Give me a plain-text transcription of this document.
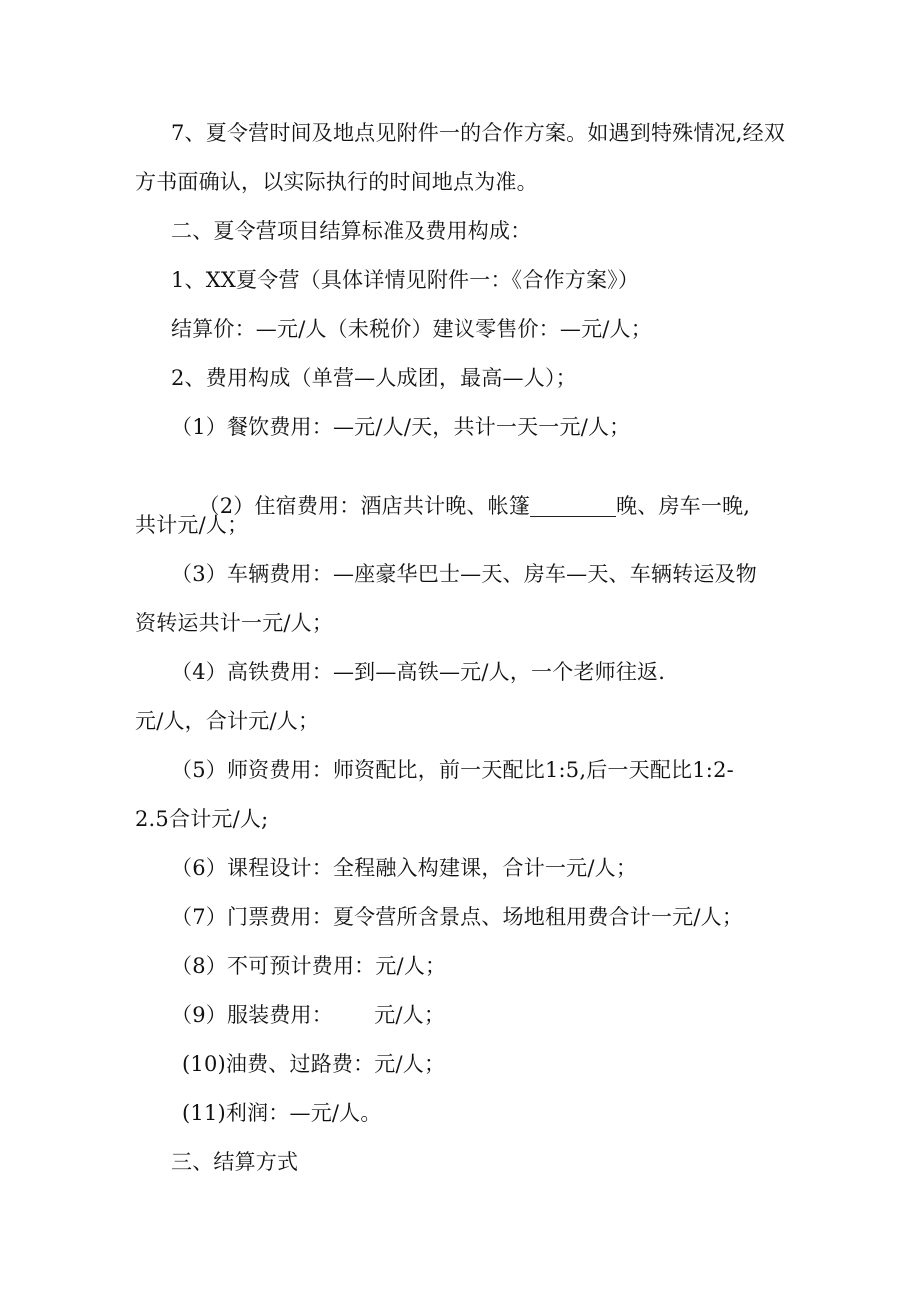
7、夏令营时间及地点见附件一的合作方案。如遇到特殊情况,经双
方书面确认，以实际执行的时间地点为准。
二、夏令营项目结算标准及费用构成：
1、XX夏令营（具体详情见附件一：《合作方案》）
结算价：—元/人（未税价）建议零售价：—元/人；
2、费用构成（单营—人成团，最高—人）；
（1）餐饮费用：—元/人/天，共计一天一元/人；

（2）住宿费用：酒店共计晚、帐篷	晚、房车一晚,

共计元/人；
（3）车辆费用：—座豪华巴士—天、房车—天、车辆转运及物
资转运共计一元/人；
（4）高铁费用：—到—高铁—元/人，一个老师往返.
元/人，合计元/人；
（5）师资费用：师资配比，前一天配比1:5,后一天配比1:2-
2.5合计元/人;
（6）课程设计：全程融入构建课，合计一元/人；
（7）门票费用：夏令营所含景点、场地租用费合计一元/人；
（8）不可预计费用：元/人；
（9）服装费用：      元/人；
(10)油费、过路费：元/人；
(11)利润：—元/人。
三、结算方式
